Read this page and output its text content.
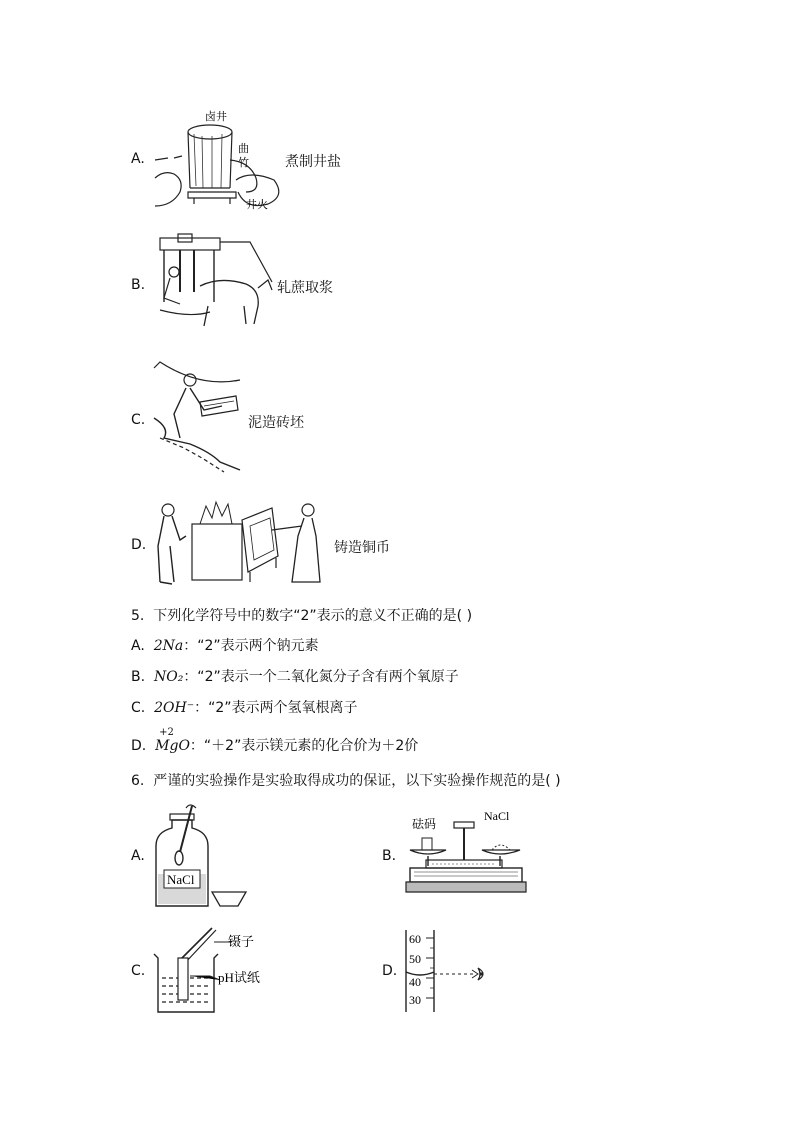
A.
卤井
曲
竹
井火
煮制井盐
B.	轧蔗取浆
C.	泥造砖坯
D.	铸造铜币
5. 下列化学符号中的数字“2”表示的意义不正确的是( )
A. 2Na：“2”表示两个钠元素
B. NO₂：“2”表示一个二氧化氮分子含有两个氧原子
C. 2OH⁻：“2”表示两个氢氧根离子
D.
+2
MgO：“＋2”表示镁元素的化合价为＋2价
6. 严谨的实验操作是实验取得成功的保证，以下实验操作规范的是( )
A.
NaCl
B.
砝码
NaCl
C.
镊子
pH试纸	D.
60
50
40
30
